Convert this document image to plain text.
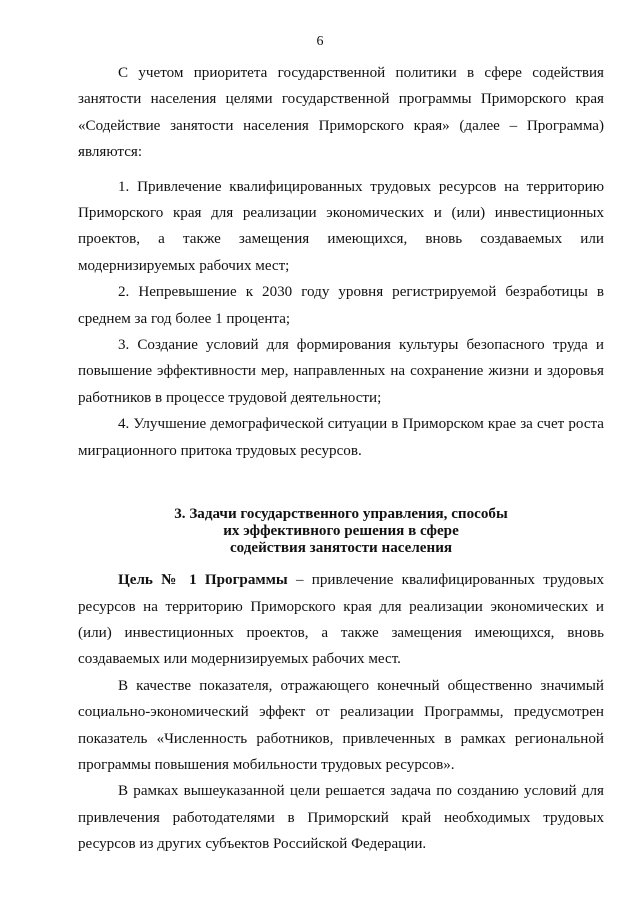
6

С учетом приоритета государственной политики в сфере содействия занятости населения целями государственной программы Приморского края «Содействие занятости населения Приморского края» (далее – Программа) являются:

1. Привлечение квалифицированных трудовых ресурсов на территорию Приморского края для реализации экономических и (или) инвестиционных проектов, а также замещения имеющихся, вновь создаваемых или модернизируемых рабочих мест;

2. Непревышение к 2030 году уровня регистрируемой безработицы в среднем за год более 1 процента;

3. Создание условий для формирования культуры безопасного труда и повышение эффективности мер, направленных на сохранение жизни и здоровья работников в процессе трудовой деятельности;

4. Улучшение демографической ситуации в Приморском крае за счет роста миграционного притока трудовых ресурсов.

3. Задачи государственного управления, способы
их эффективного решения в сфере
содействия занятости населения

Цель № 1 Программы – привлечение квалифицированных трудовых ресурсов на территорию Приморского края для реализации экономических и (или) инвестиционных проектов, а также замещения имеющихся, вновь создаваемых или модернизируемых рабочих мест.

В качестве показателя, отражающего конечный общественно значимый социально-экономический эффект от реализации Программы, предусмотрен показатель «Численность работников, привлеченных в рамках региональной программы повышения мобильности трудовых ресурсов».

В рамках вышеуказанной цели решается задача по созданию условий для привлечения работодателями в Приморский край необходимых трудовых ресурсов из других субъектов Российской Федерации.
